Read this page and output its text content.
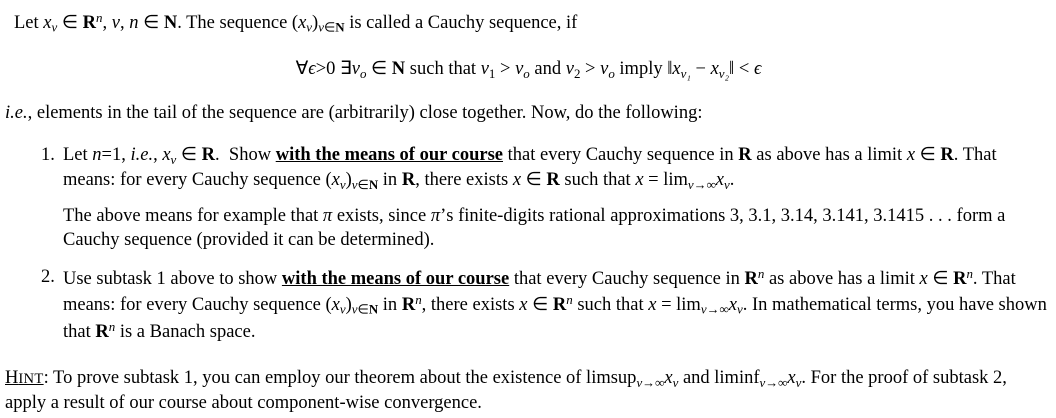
Let $x_\nu$ ∈ $R^n$, ν, n ∈ N. The sequence $(x_\nu)_{\nu\in N}$ is called a Cauchy sequence, if

∀ϵ>0 $\exists\nu_o$ ∈ N such that $\nu_1 > \nu_o$ and $\nu_2 > \nu_o$ imply $‖x_{\nu_1}$ − $x_{\nu_2}‖ < \epsilon$

i.e., elements in the tail of the sequence are (arbitrarily) close together. Now, do the following:

1. Let n=1, i.e., $x_\nu$ ∈ R.  Show with the means of our course that every Cauchy sequence in R as above has a limit x ∈ R. That means: for every Cauchy sequence $(x_\nu)_{\nu\in N}$ in R, there exists x ∈ R such that $x = \lim_{\nu\to\infty}x_\nu$.

The above means for example that π exists, since π’s finite-digits rational approximations 3, 3.1, 3.14, 3.141, 3.1415 . . . form a Cauchy sequence (provided it can be determined).

2. Use subtask 1 above to show with the means of our course that every Cauchy sequence in $R^n$ as above has a limit x ∈ $R^n$. That means: for every Cauchy sequence $(x_\nu)_{\nu\in N}$ in $R^n$, there exists x ∈ $R^n$ such that $x = \lim_{\nu\to\infty}x_\nu$. In mathematical terms, you have shown that $R^n$ is a Banach space.

HINT: To prove subtask 1, you can employ our theorem about the existence of $limsup_{\nu\to\infty}x_\nu$ and $liminf_{\nu\to\infty}x_\nu$. For the proof of subtask 2, apply a result of our course about component-wise convergence.
